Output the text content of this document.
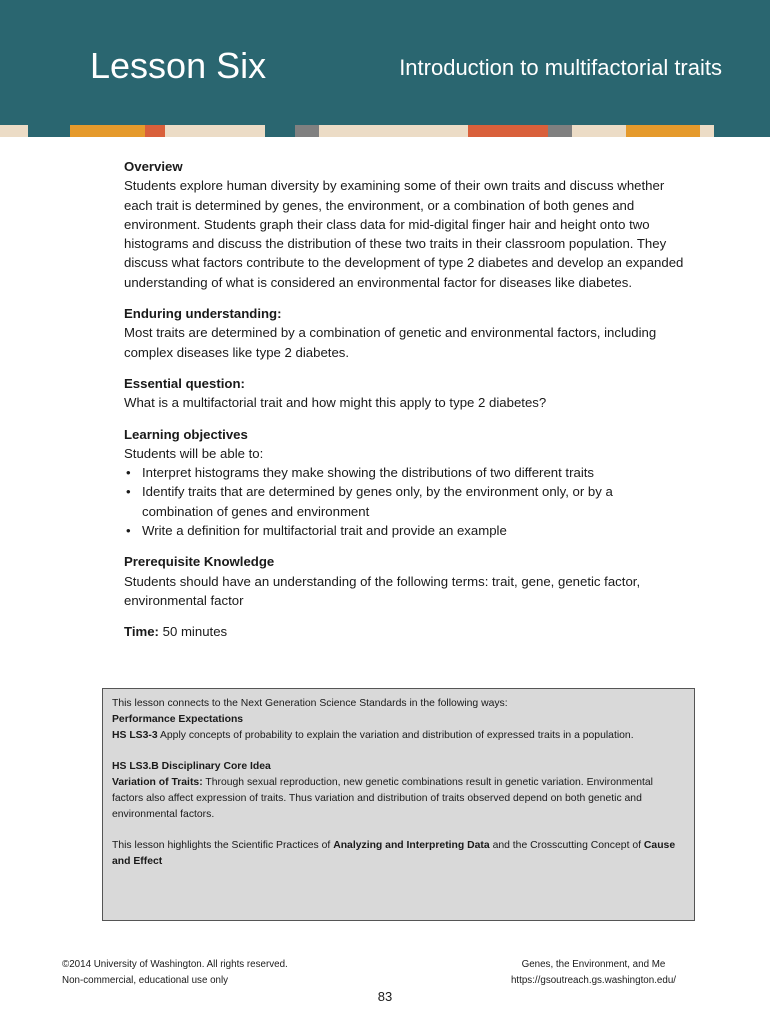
Lesson Six	Introduction to multifactorial traits
Overview

Students explore human diversity by examining some of their own traits and discuss whether each trait is determined by genes, the environment, or a combination of both genes and environment. Students graph their class data for mid-digital finger hair and height onto two histograms and discuss the distribution of these two traits in their classroom population. They discuss what factors contribute to the development of type 2 diabetes and develop an expanded understanding of what is considered an environmental factor for diseases like diabetes.

Enduring understanding:

Most traits are determined by a combination of genetic and environmental factors, including complex diseases like type 2 diabetes.

Essential question:

What is a multifactorial trait and how might this apply to type 2 diabetes?

Learning objectives

Students will be able to:

• Interpret histograms they make showing the distributions of two different traits
• Identify traits that are determined by genes only, by the environment only, or by a combination of genes and environment
• Write a definition for multifactorial trait and provide an example
Prerequisite Knowledge

Students should have an understanding of the following terms: trait, gene, genetic factor, environmental factor

Time: 50 minutes

This lesson connects to the Next Generation Science Standards in the following ways:

Performance Expectations

HS LS3-3 Apply concepts of probability to explain the variation and distribution of expressed traits in a population.

HS LS3.B Disciplinary Core Idea

Variation of Traits: Through sexual reproduction, new genetic combinations result in genetic variation. Environmental factors also affect expression of traits. Thus variation and distribution of traits observed depend on both genetic and environmental factors.

This lesson highlights the Scientific Practices of Analyzing and Interpreting Data and the Crosscutting Concept of Cause and Effect

©2014 University of Washington. All rights reserved.
Non-commercial, educational use only
Genes, the Environment, and Me
https://gsoutreach.gs.washington.edu/
83
